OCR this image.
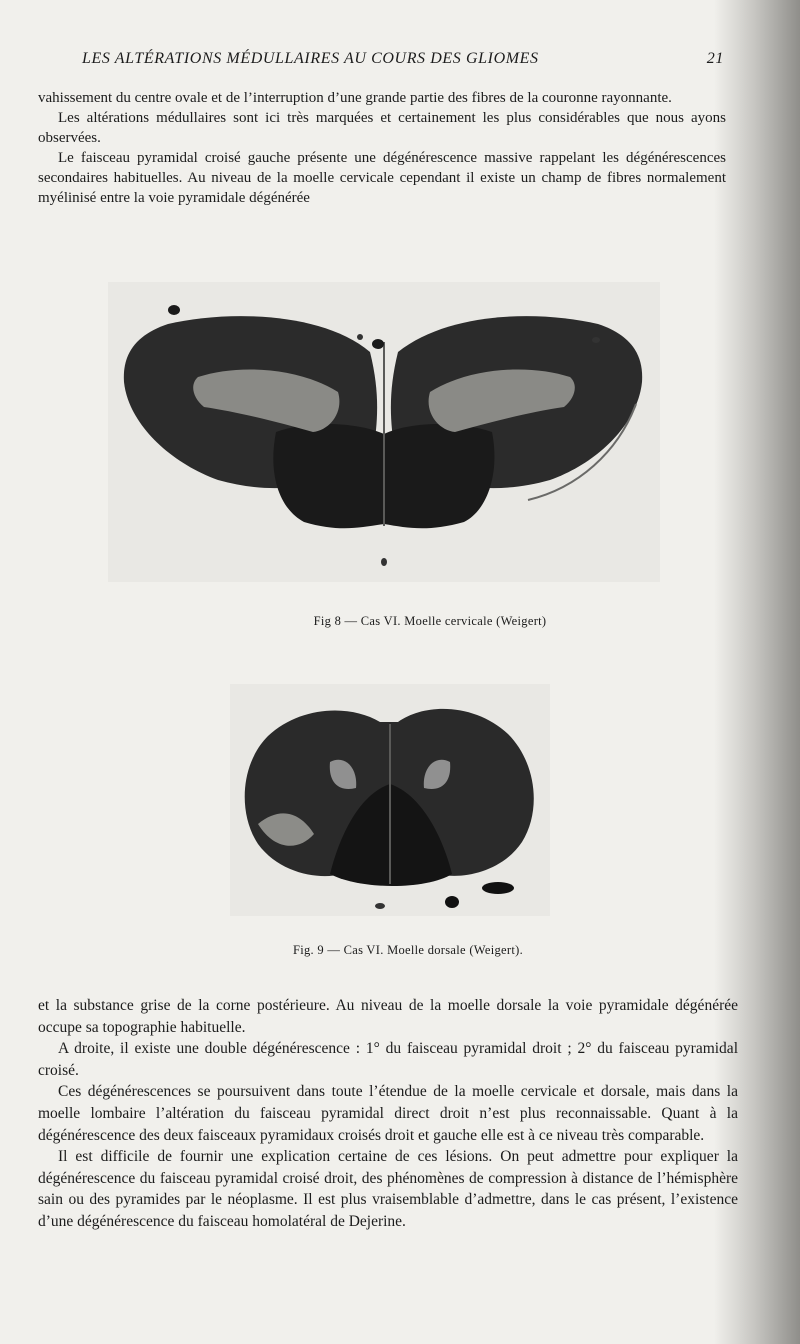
LES ALTÉRATIONS MÉDULLAIRES AU COURS DES GLIOMES	21

vahissement du centre ovale et de l’interruption d’une grande partie des fibres de la couronne rayonnante.

Les altérations médullaires sont ici très marquées et certainement les plus considérables que nous ayons observées.

Le faisceau pyramidal croisé gauche présente une dégénérescence massive rappelant les dégénérescences secondaires habituelles. Au niveau de la moelle cervicale cependant il existe un champ de fibres normalement myélinisé entre la voie pyramidale dégénérée

Fig 8 — Cas VI. Moelle cervicale (Weigert)
Fig. 9 — Cas VI. Moelle dorsale (Weigert).

et la substance grise de la corne postérieure. Au niveau de la moelle dorsale la voie pyramidale dégénérée occupe sa topographie habituelle.

A droite, il existe une double dégénérescence : 1° du faisceau pyramidal droit ; 2° du faisceau pyramidal croisé.

Ces dégénérescences se poursuivent dans toute l’étendue de la moelle cervicale et dorsale, mais dans la moelle lombaire l’altération du faisceau pyramidal direct droit n’est plus reconnaissable. Quant à la dégénérescence des deux faisceaux pyramidaux croisés droit et gauche elle est à ce niveau très comparable.

Il est difficile de fournir une explication certaine de ces lésions. On peut admettre pour expliquer la dégénérescence du faisceau pyramidal croisé droit, des phénomènes de compression à distance de l’hémisphère sain ou des pyramides par le néoplasme. Il est plus vraisemblable d’admettre, dans le cas présent, l’existence d’une dégénérescence du faisceau homolatéral de Dejerine.
